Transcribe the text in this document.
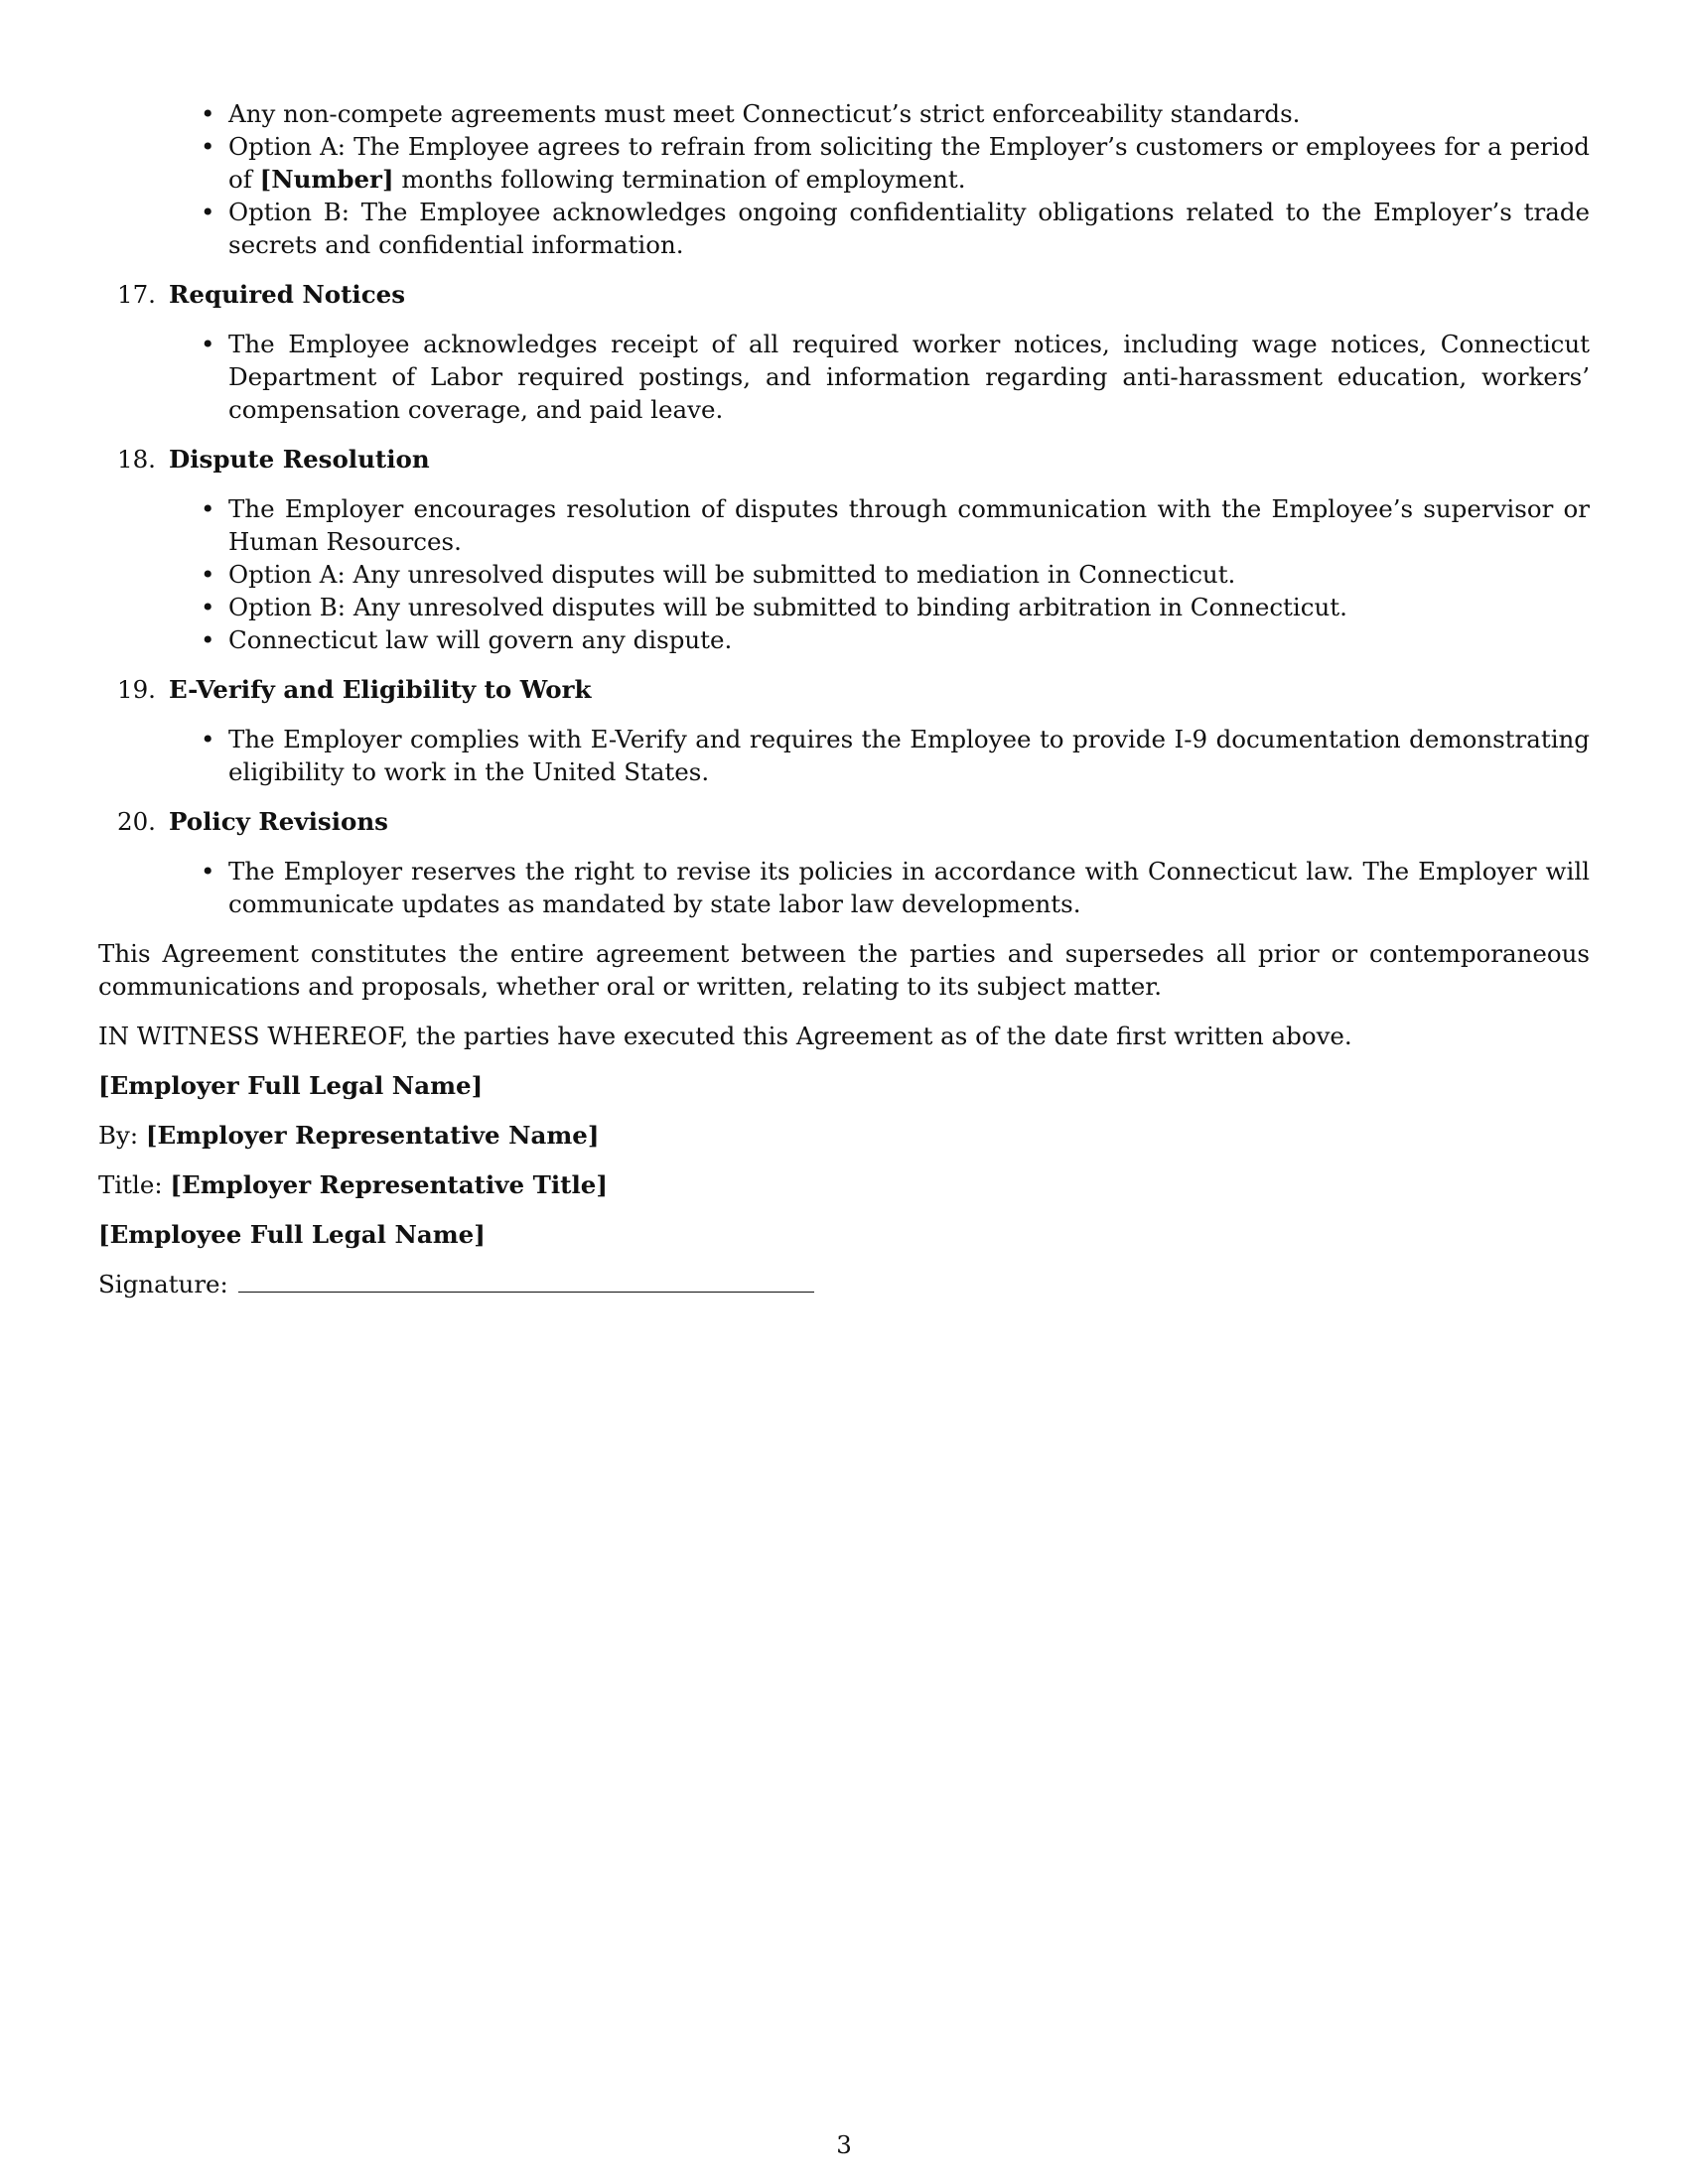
• Any non-compete agreements must meet Connecticut’s strict enforceability standards.
• Option A: The Employee agrees to refrain from soliciting the Employer’s customers or employees for a period of [Number] months following termination of employment.
• Option B: The Employee acknowledges ongoing confidentiality obligations related to the Employer’s trade secrets and confidential information.
17. Required Notices
• The Employee acknowledges receipt of all required worker notices, including wage notices, Connecticut Department of Labor required postings, and information regarding anti-harassment education, workers’ compensation coverage, and paid leave.
18. Dispute Resolution
• The Employer encourages resolution of disputes through communication with the Employee’s supervisor or Human Resources.
• Option A: Any unresolved disputes will be submitted to mediation in Connecticut.
• Option B: Any unresolved disputes will be submitted to binding arbitration in Connecticut.
• Connecticut law will govern any dispute.
19. E-Verify and Eligibility to Work
• The Employer complies with E-Verify and requires the Employee to provide I-9 documentation demonstrating eligibility to work in the United States.
20. Policy Revisions
• The Employer reserves the right to revise its policies in accordance with Connecticut law. The Employer will communicate updates as mandated by state labor law developments.

This Agreement constitutes the entire agreement between the parties and supersedes all prior or contemporaneous communications and proposals, whether oral or written, relating to its subject matter.

IN WITNESS WHEREOF, the parties have executed this Agreement as of the date first written above.

[Employer Full Legal Name]

By: [Employer Representative Name]

Title: [Employer Representative Title]

[Employee Full Legal Name]

Signature:

3
